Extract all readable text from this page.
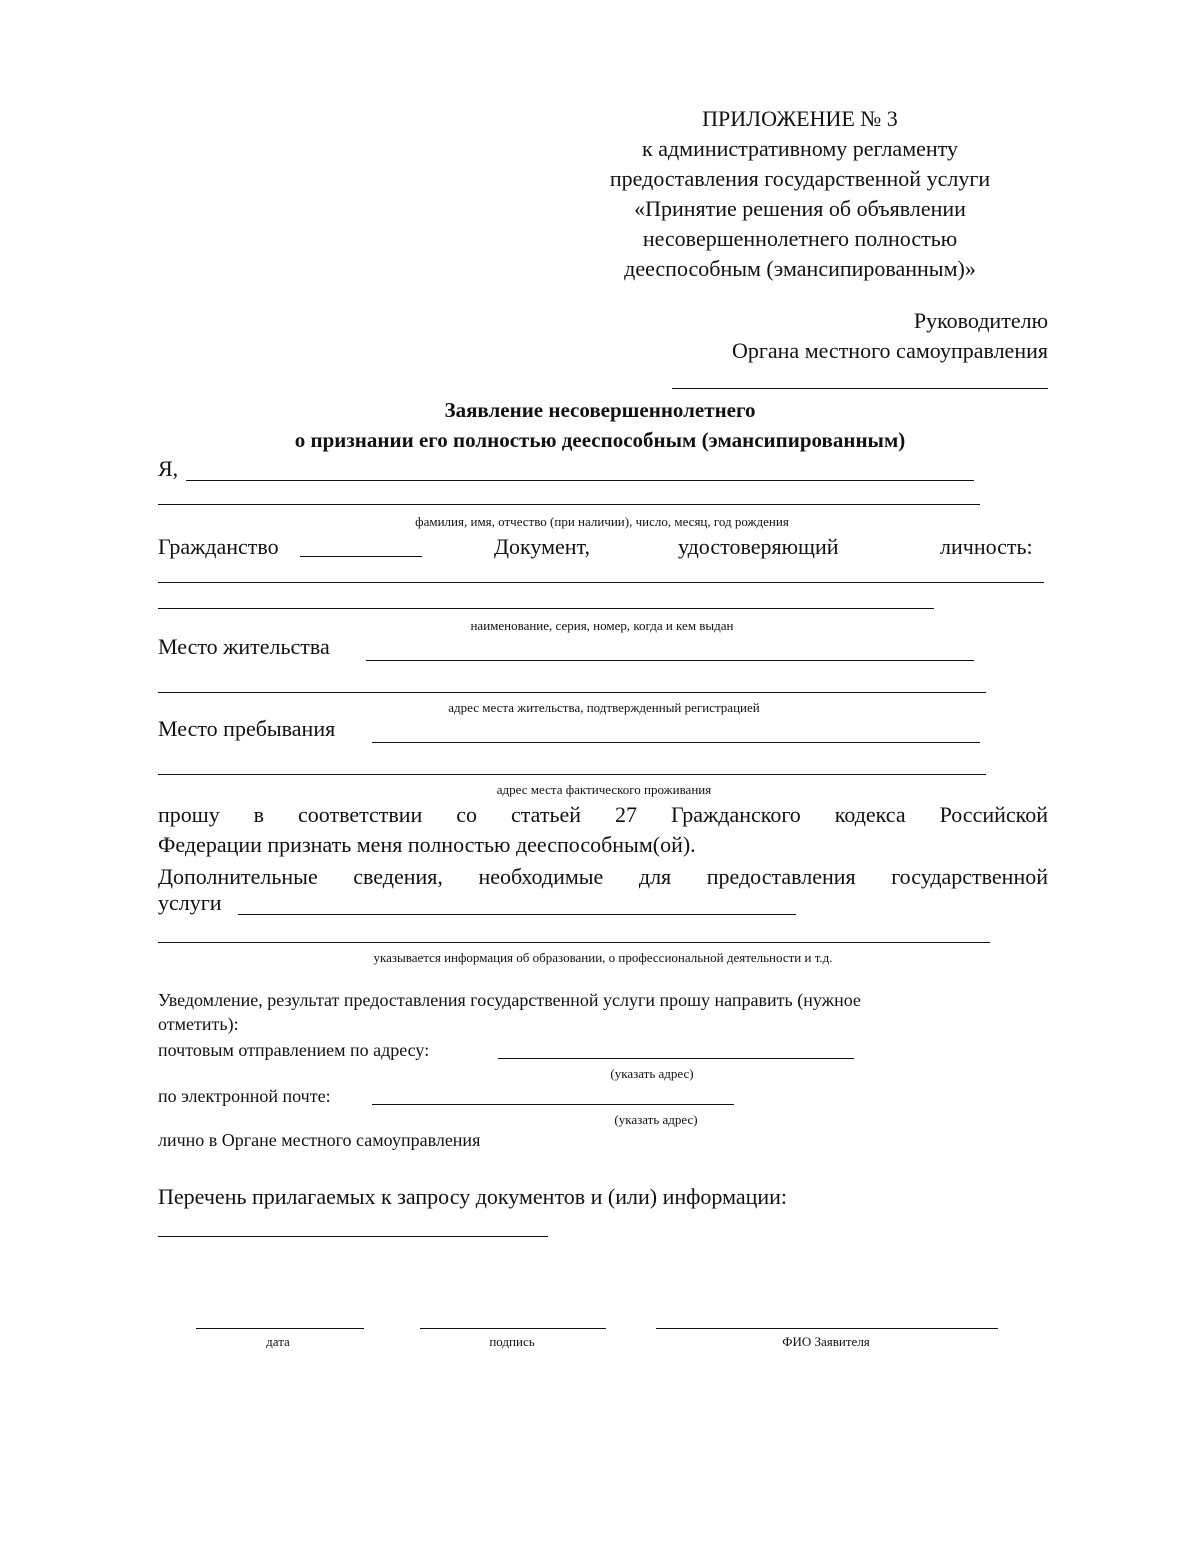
ПРИЛОЖЕНИЕ № 3
к административному регламенту
предоставления государственной услуги
«Принятие решения об объявлении
несовершеннолетнего полностью
дееспособным (эмансипированным)»
Руководителю
Органа местного самоуправления
Заявление несовершеннолетнего
о признании его полностью дееспособным (эмансипированным)
Я,
фамилия, имя, отчество (при наличии), число, месяц, год рождения
Гражданство	Документ,	удостоверяющий	личность:
наименование, серия, номер, когда и кем выдан
Место жительства
адрес места жительства, подтвержденный регистрацией
Место пребывания
адрес места фактического проживания
прошу в соответствии со статьей 27 Гражданского кодекса Российской
Федерации признать меня полностью дееспособным(ой).
Дополнительные сведения, необходимые для предоставления государственной
услуги
указывается информация об образовании, о профессиональной деятельности и т.д.
Уведомление, результат предоставления государственной услуги прошу направить (нужное
отметить):
почтовым отправлением по адресу:
(указать адрес)
по электронной почте:
(указать адрес)
лично в Органе местного самоуправления
Перечень прилагаемых к запросу документов и (или) информации:
дата	подпись	ФИО Заявителя
